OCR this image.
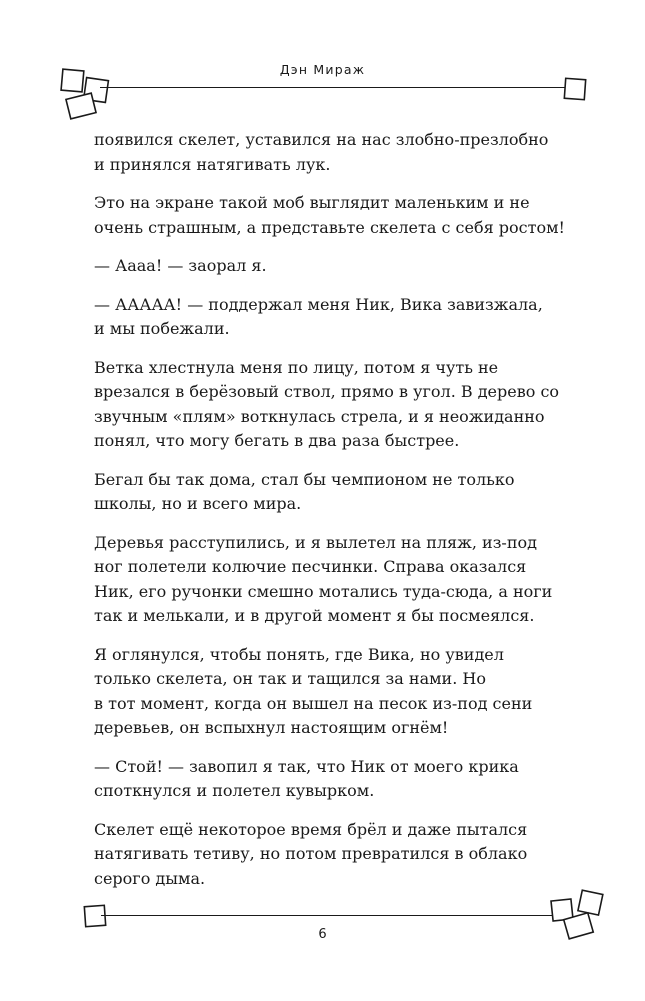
Дэн Мираж

появился скелет, уставился на нас злобно-презлобно
и принялся натягивать лук.

Это на экране такой моб выглядит маленьким и не
очень страшным, а представьте скелета с себя ростом!

— Аааа! — заорал я.

— ААААА! — поддержал меня Ник, Вика завизжала,
и мы побежали.

Ветка хлестнула меня по лицу, потом я чуть не
врезался в берёзовый ствол, прямо в угол. В дерево со
звучным «плям» воткнулась стрела, и я неожиданно
понял, что могу бегать в два раза быстрее.

Бегал бы так дома, стал бы чемпионом не только
школы, но и всего мира.

Деревья расступились, и я вылетел на пляж, из-под
ног полетели колючие песчинки. Справа оказался
Ник, его ручонки смешно мотались туда-сюда, а ноги
так и мелькали, и в другой момент я бы посмеялся.

Я оглянулся, чтобы понять, где Вика, но увидел
только скелета, он так и тащился за нами. Но
в тот момент, когда он вышел на песок из-под сени
деревьев, он вспыхнул настоящим огнём!

— Стой! — завопил я так, что Ник от моего крика
споткнулся и полетел кувырком.

Скелет ещё некоторое время брёл и даже пытался
натягивать тетиву, но потом превратился в облако
серого дыма.

6
